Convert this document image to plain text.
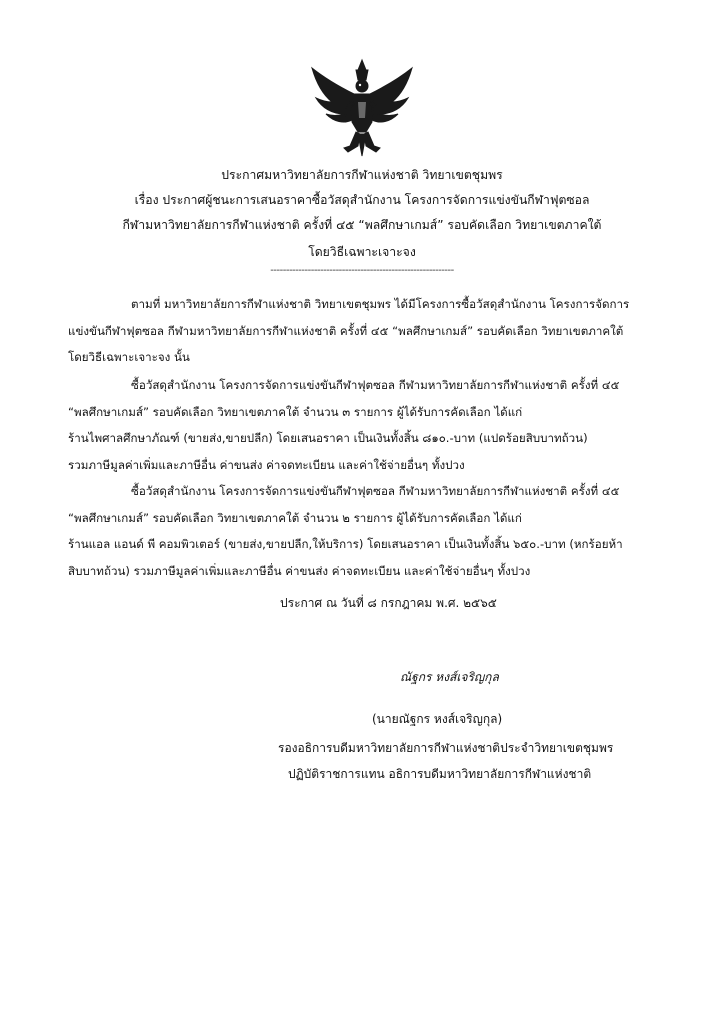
ประกาศมหาวิทยาลัยการกีฬาแห่งชาติ วิทยาเขตชุมพร
เรื่อง ประกาศผู้ชนะการเสนอราคาซื้อวัสดุสำนักงาน โครงการจัดการแข่งขันกีฬาฟุตซอล
กีฬามหาวิทยาลัยการกีฬาแห่งชาติ ครั้งที่ ๔๕ “พลศึกษาเกมส์” รอบคัดเลือก วิทยาเขตภาคใต้
โดยวิธีเฉพาะเจาะจง
-----------------------------------------------------------
ตามที่ มหาวิทยาลัยการกีฬาแห่งชาติ วิทยาเขตชุมพร ได้มีโครงการซื้อวัสดุสำนักงาน โครงการจัดการ
แข่งขันกีฬาฟุตซอล กีฬามหาวิทยาลัยการกีฬาแห่งชาติ ครั้งที่ ๔๕ “พลศึกษาเกมส์” รอบคัดเลือก วิทยาเขตภาคใต้
โดยวิธีเฉพาะเจาะจง นั้น
ซื้อวัสดุสำนักงาน โครงการจัดการแข่งขันกีฬาฟุตซอล กีฬามหาวิทยาลัยการกีฬาแห่งชาติ ครั้งที่ ๔๕
“พลศึกษาเกมส์” รอบคัดเลือก วิทยาเขตภาคใต้ จำนวน ๓ รายการ ผู้ได้รับการคัดเลือก ได้แก่
ร้านไพศาลศึกษาภัณฑ์ (ขายส่ง,ขายปลีก) โดยเสนอราคา เป็นเงินทั้งสิ้น ๘๑๐.-บาท (แปดร้อยสิบบาทถ้วน)
รวมภาษีมูลค่าเพิ่มและภาษีอื่น ค่าขนส่ง ค่าจดทะเบียน และค่าใช้จ่ายอื่นๆ ทั้งปวง
ซื้อวัสดุสำนักงาน โครงการจัดการแข่งขันกีฬาฟุตซอล กีฬามหาวิทยาลัยการกีฬาแห่งชาติ ครั้งที่ ๔๕
“พลศึกษาเกมส์” รอบคัดเลือก วิทยาเขตภาคใต้ จำนวน ๒ รายการ ผู้ได้รับการคัดเลือก ได้แก่
ร้านแอล แอนด์ พี คอมพิวเตอร์ (ขายส่ง,ขายปลีก,ให้บริการ) โดยเสนอราคา เป็นเงินทั้งสิ้น ๖๕๐.-บาท (หกร้อยห้า
สิบบาทถ้วน) รวมภาษีมูลค่าเพิ่มและภาษีอื่น ค่าขนส่ง ค่าจดทะเบียน และค่าใช้จ่ายอื่นๆ ทั้งปวง
ประกาศ ณ วันที่ ๘ กรกฎาคม พ.ศ. ๒๕๖๕
ณัฐกร หงส์เจริญกุล
(นายณัฐกร หงส์เจริญกุล)
รองอธิการบดีมหาวิทยาลัยการกีฬาแห่งชาติประจำวิทยาเขตชุมพร
ปฏิบัติราชการแทน อธิการบดีมหาวิทยาลัยการกีฬาแห่งชาติ
